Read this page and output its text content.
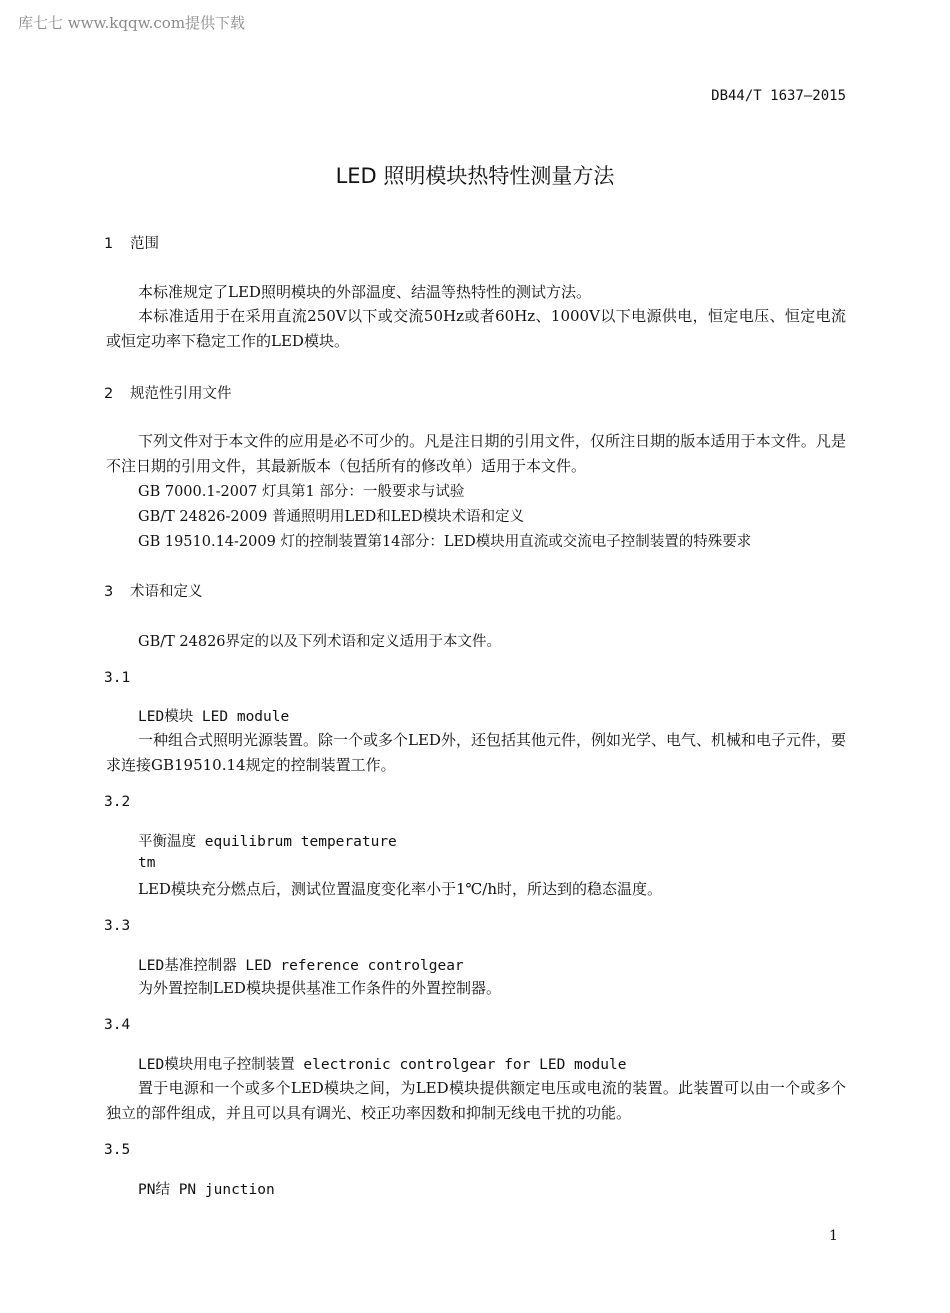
库七七 www.kqqw.com提供下载
DB44/T 1637—2015
LED 照明模块热特性测量方法
1 范围

本标准规定了LED照明模块的外部温度、结温等热特性的测试方法。

本标准适用于在采用直流250V以下或交流50Hz或者60Hz、1000V以下电源供电，恒定电压、恒定电流或恒定功率下稳定工作的LED模块。

2 规范性引用文件

下列文件对于本文件的应用是必不可少的。凡是注日期的引用文件，仅所注日期的版本适用于本文件。凡是不注日期的引用文件，其最新版本（包括所有的修改单）适用于本文件。

GB 7000.1-2007 灯具第1 部分：一般要求与试验
GB/T 24826-2009 普通照明用LED和LED模块术语和定义
GB 19510.14-2009 灯的控制装置第14部分：LED模块用直流或交流电子控制装置的特殊要求
3 术语和定义
GB/T 24826界定的以及下列术语和定义适用于本文件。
3.1
LED模块 LED module

一种组合式照明光源装置。除一个或多个LED外，还包括其他元件，例如光学、电气、机械和电子元件，要求连接GB19510.14规定的控制装置工作。

3.2
平衡温度 equilibrum temperature
tm

LED模块充分燃点后，测试位置温度变化率小于1℃/h时，所达到的稳态温度。

3.3
LED基准控制器 LED reference controlgear

为外置控制LED模块提供基准工作条件的外置控制器。

3.4
LED模块用电子控制装置 electronic controlgear for LED module

置于电源和一个或多个LED模块之间，为LED模块提供额定电压或电流的装置。此装置可以由一个或多个独立的部件组成，并且可以具有调光、校正功率因数和抑制无线电干扰的功能。

3.5
PN结 PN junction
1
